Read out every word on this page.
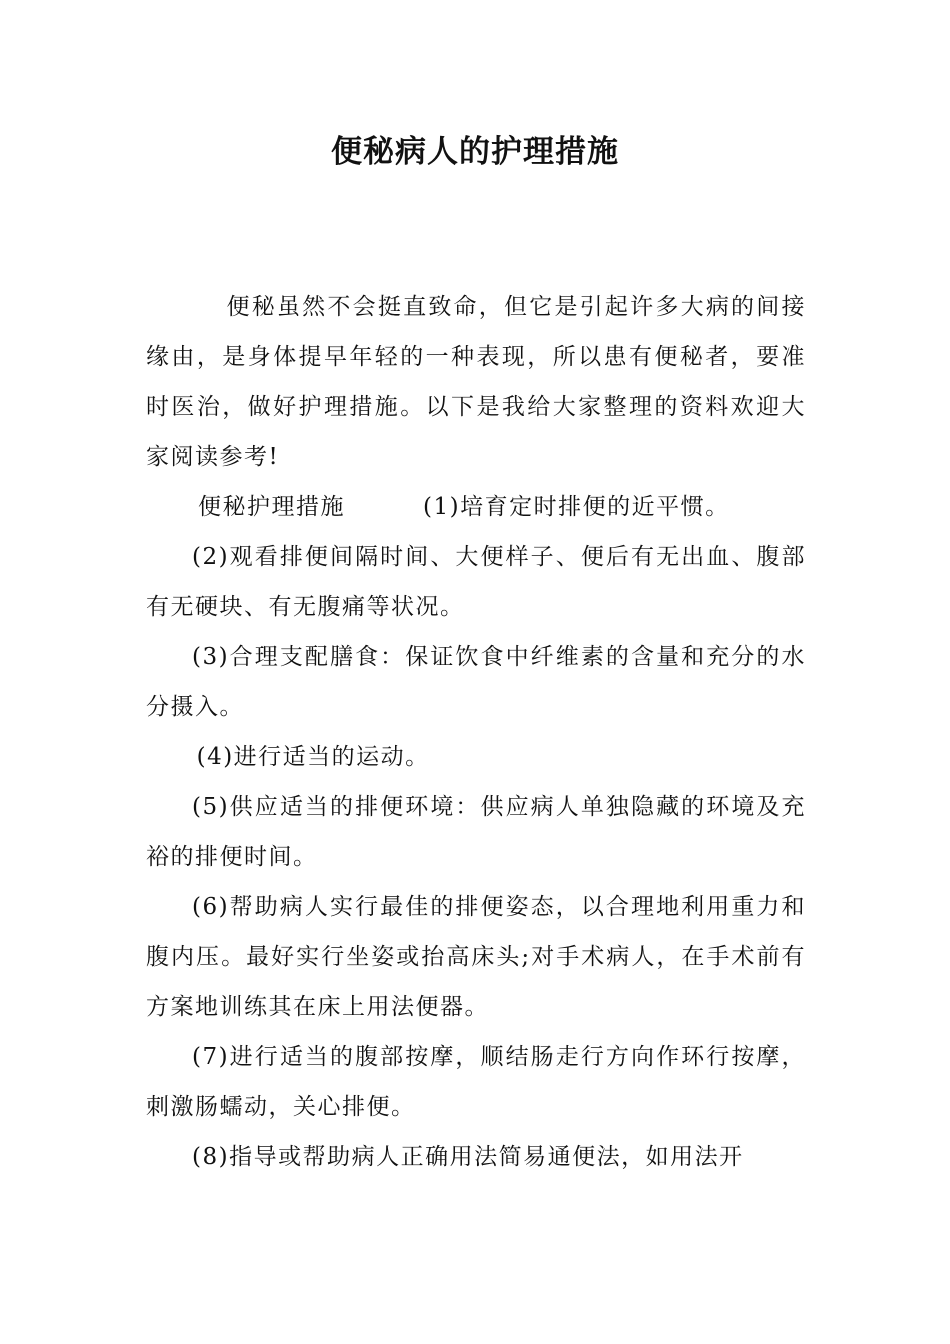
便秘病人的护理措施

便秘虽然不会挺直致命，但它是引起许多大病的间接缘由，是身体提早年轻的一种表现，所以患有便秘者，要准时医治，做好护理措施。以下是我给大家整理的资料欢迎大家阅读参考!

便秘护理措施	(1)培育定时排便的近平惯。

(2)观看排便间隔时间、大便样子、便后有无出血、腹部有无硬块、有无腹痛等状况。

(3)合理支配膳食：保证饮食中纤维素的含量和充分的水分摄入。

(4)进行适当的运动。

(5)供应适当的排便环境：供应病人单独隐藏的环境及充裕的排便时间。

(6)帮助病人实行最佳的排便姿态，以合理地利用重力和腹内压。最好实行坐姿或抬高床头;对手术病人，在手术前有方案地训练其在床上用法便器。

(7)进行适当的腹部按摩，顺结肠走行方向作环行按摩，刺激肠蠕动，关心排便。

(8)指导或帮助病人正确用法简易通便法，如用法开
